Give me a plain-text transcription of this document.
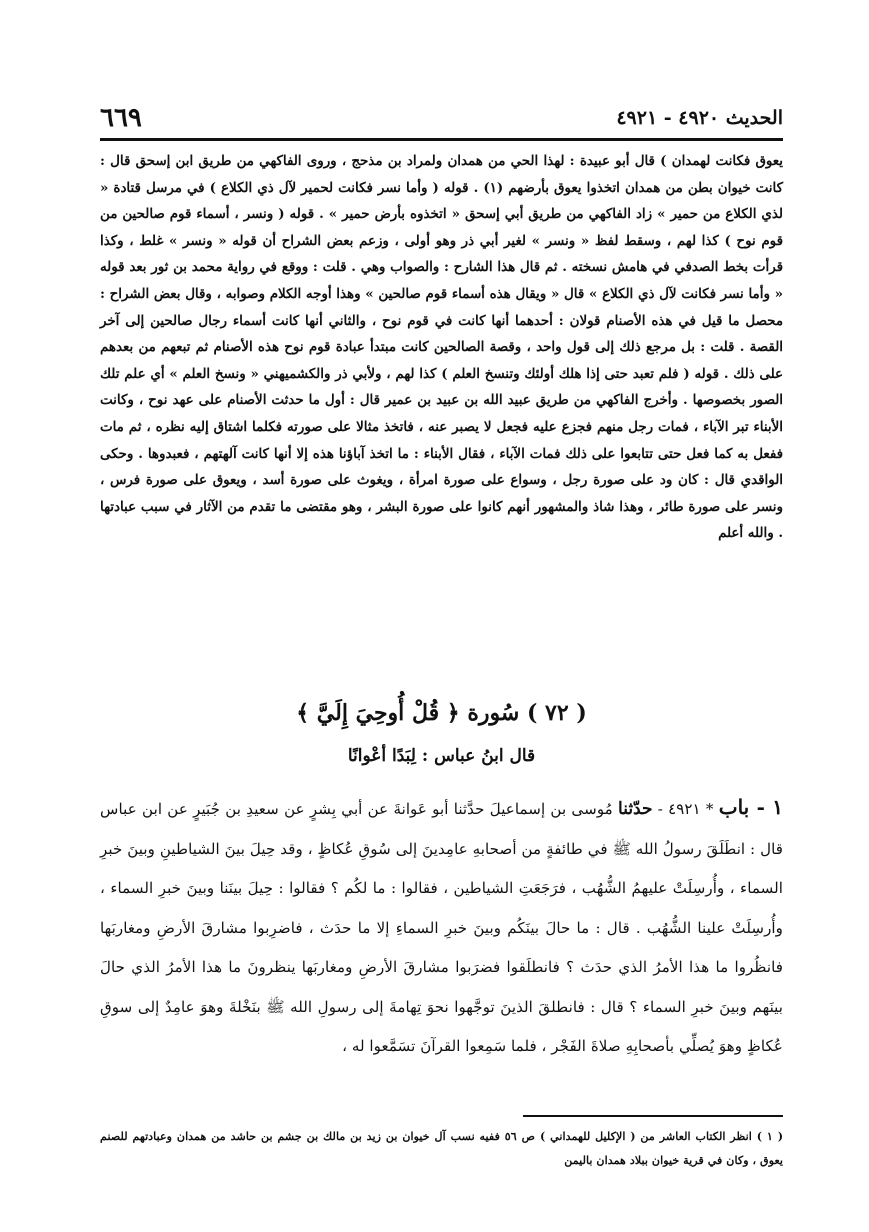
٦٦٩	الحديث ٤٩٢٠ - ٤٩٢١

يعوق فكانت لهمدان ) قال أبو عبيدة : لهذا الحي من همدان ولمراد بن مذحج ، وروى الفاكهي من طريق ابن إسحق قال : كانت خيوان بطن من همدان اتخذوا يعوق بأرضهم (١) . قوله ( وأما نسر فكانت لحمير لآل ذي الكلاع ) في مرسل قتادة « لذي الكلاع من حمير » زاد الفاكهي من طريق أبي إسحق « اتخذوه بأرض حمير » . قوله ( ونسر ، أسماء قوم صالحين من قوم نوح ) كذا لهم ، وسقط لفظ « ونسر » لغير أبي ذر وهو أولى ، وزعم بعض الشراح أن قوله « ونسر » غلط ، وكذا قرأت بخط الصدفي في هامش نسخته . ثم قال هذا الشارح : والصواب وهي . قلت : ووقع في رواية محمد بن ثور بعد قوله « وأما نسر فكانت لآل ذي الكلاع » قال « ويقال هذه أسماء قوم صالحين » وهذا أوجه الكلام وصوابه ، وقال بعض الشراح : محصل ما قيل في هذه الأصنام قولان : أحدهما أنها كانت في قوم نوح ، والثاني أنها كانت أسماء رجال صالحين إلى آخر القصة . قلت : بل مرجع ذلك إلى قول واحد ، وقصة الصالحين كانت مبتدأ عبادة قوم نوح هذه الأصنام ثم تبعهم من بعدهم على ذلك . قوله ( فلم تعبد حتى إذا هلك أولئك وتنسخ العلم ) كذا لهم ، ولأبي ذر والكشميهني « ونسخ العلم » أي علم تلك الصور بخصوصها . وأخرج الفاكهي من طريق عبيد الله بن عبيد بن عمير قال : أول ما حدثت الأصنام على عهد نوح ، وكانت الأبناء تبر الآباء ، فمات رجل منهم فجزع عليه فجعل لا يصبر عنه ، فاتخذ مثالا على صورته فكلما اشتاق إليه نظره ، ثم مات ففعل به كما فعل حتى تتابعوا على ذلك فمات الآباء ، فقال الأبناء : ما اتخذ آباؤنا هذه إلا أنها كانت آلهتهم ، فعبدوها . وحكى الواقدي قال : كان ود على صورة رجل ، وسواع على صورة امرأة ، ويغوث على صورة أسد ، ويعوق على صورة فرس ، ونسر على صورة طائر ، وهذا شاذ والمشهور أنهم كانوا على صورة البشر ، وهو مقتضى ما تقدم من الآثار في سبب عبادتها . والله أعلم

( ٧٢ ) سُورة ﴿ قُلْ أُوحِيَ إِلَيَّ ﴾
قال ابنُ عباس : لِبَدًا أعْوانًا

١ - باب * ٤٩٢١ - حدّثنا مُوسى بن إسماعيلَ حدَّثنا أبو عَوانةَ عن أبي بِشرٍ عن سعيدِ بن جُبَيرٍ عن ابن عباس قال : انطَلَقَ رسولُ الله ﷺ في طائفةٍ من أصحابهِ عامِدينَ إلى سُوقِ عُكاظٍ ، وقد حِيلَ بينَ الشياطينِ وبينَ خبرِ السماء ، وأُرسِلَتْ عليهمُ الشُّهُب ، فرَجَعَتِ الشياطين ، فقالوا : ما لكُم ؟ فقالوا : حِيلَ بينَنا وبينَ خبرِ السماء ، وأُرسِلَتْ علينا الشُّهُب . قال : ما حالَ بينَكُم وبينَ خبرِ السماءِ إلا ما حدَث ، فاضرِبوا مشارقَ الأرضِ ومغاربَها فانظُروا ما هذا الأمرُ الذي حدَث ؟ فانطلَقوا فضرَبوا مشارقَ الأرضِ ومغاربَها ينظرونَ ما هذا الأمرُ الذي حالَ بينَهم وبينَ خبرِ السماء ؟ قال : فانطلقَ الذينَ توجَّهوا نحوَ تِهامةَ إلى رسولِ الله ﷺ بنَخْلةَ وهوَ عامِدٌ إلى سوقِ عُكاظٍ وهوَ يُصلِّي بأصحابِهِ صلاةَ الفَجْر ، فلما سَمِعوا القرآنَ تسَمَّعوا له ،

( ١ ) انظر الكتاب العاشر من ( الإكليل للهمداني ) ص ٥٦ ففيه نسب آل خيوان بن زيد بن مالك بن جشم بن حاشد من همدان وعبادتهم للصنم يعوق ، وكان في قرية خيوان ببلاد همدان باليمن
